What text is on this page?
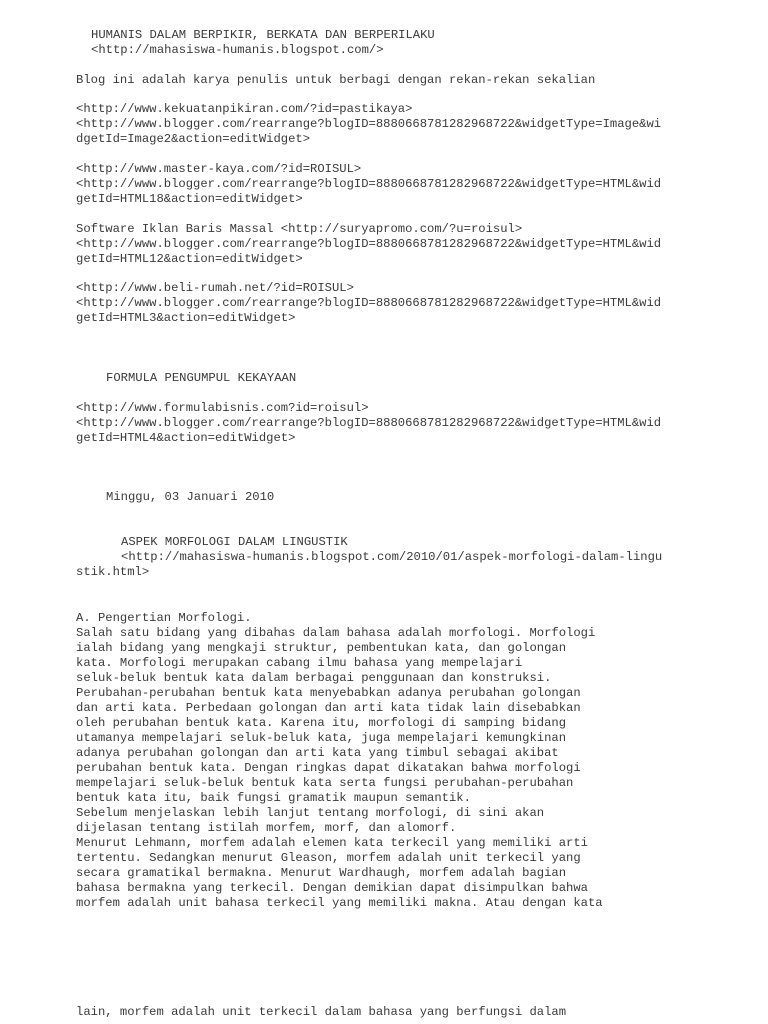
HUMANIS DALAM BERPIKIR, BERKATA DAN BERPERILAKU
<http://mahasiswa-humanis.blogspot.com/>
Blog ini adalah karya penulis untuk berbagi dengan rekan-rekan sekalian
<http://www.kekuatanpikiran.com/?id=pastikaya>
<http://www.blogger.com/rearrange?blogID=8880668781282968722&widgetType=Image&wi
dgetId=Image2&action=editWidget>
<http://www.master-kaya.com/?id=ROISUL>
<http://www.blogger.com/rearrange?blogID=8880668781282968722&widgetType=HTML&wid
getId=HTML18&action=editWidget>
Software Iklan Baris Massal <http://suryapromo.com/?u=roisul>
<http://www.blogger.com/rearrange?blogID=8880668781282968722&widgetType=HTML&wid
getId=HTML12&action=editWidget>
<http://www.beli-rumah.net/?id=ROISUL>
<http://www.blogger.com/rearrange?blogID=8880668781282968722&widgetType=HTML&wid
getId=HTML3&action=editWidget>
FORMULA PENGUMPUL KEKAYAAN
<http://www.formulabisnis.com?id=roisul>
<http://www.blogger.com/rearrange?blogID=8880668781282968722&widgetType=HTML&wid
getId=HTML4&action=editWidget>
Minggu, 03 Januari 2010
ASPEK MORFOLOGI DALAM LINGUSTIK
<http://mahasiswa-humanis.blogspot.com/2010/01/aspek-morfologi-dalam-lingu
stik.html>
A. Pengertian Morfologi.
Salah satu bidang yang dibahas dalam bahasa adalah morfologi. Morfologi
ialah bidang yang mengkaji struktur, pembentukan kata, dan golongan
kata. Morfologi merupakan cabang ilmu bahasa yang mempelajari
seluk-beluk bentuk kata dalam berbagai penggunaan dan konstruksi.
Perubahan-perubahan bentuk kata menyebabkan adanya perubahan golongan
dan arti kata. Perbedaan golongan dan arti kata tidak lain disebabkan
oleh perubahan bentuk kata. Karena itu, morfologi di samping bidang
utamanya mempelajari seluk-beluk kata, juga mempelajari kemungkinan
adanya perubahan golongan dan arti kata yang timbul sebagai akibat
perubahan bentuk kata. Dengan ringkas dapat dikatakan bahwa morfologi
mempelajari seluk-beluk bentuk kata serta fungsi perubahan-perubahan
bentuk kata itu, baik fungsi gramatik maupun semantik.
Sebelum menjelaskan lebih lanjut tentang morfologi, di sini akan
dijelasan tentang istilah morfem, morf, dan alomorf.
Menurut Lehmann, morfem adalah elemen kata terkecil yang memiliki arti
tertentu. Sedangkan menurut Gleason, morfem adalah unit terkecil yang
secara gramatikal bermakna. Menurut Wardhaugh, morfem adalah bagian
bahasa bermakna yang terkecil. Dengan demikian dapat disimpulkan bahwa
morfem adalah unit bahasa terkecil yang memiliki makna. Atau dengan kata
lain, morfem adalah unit terkecil dalam bahasa yang berfungsi dalam
